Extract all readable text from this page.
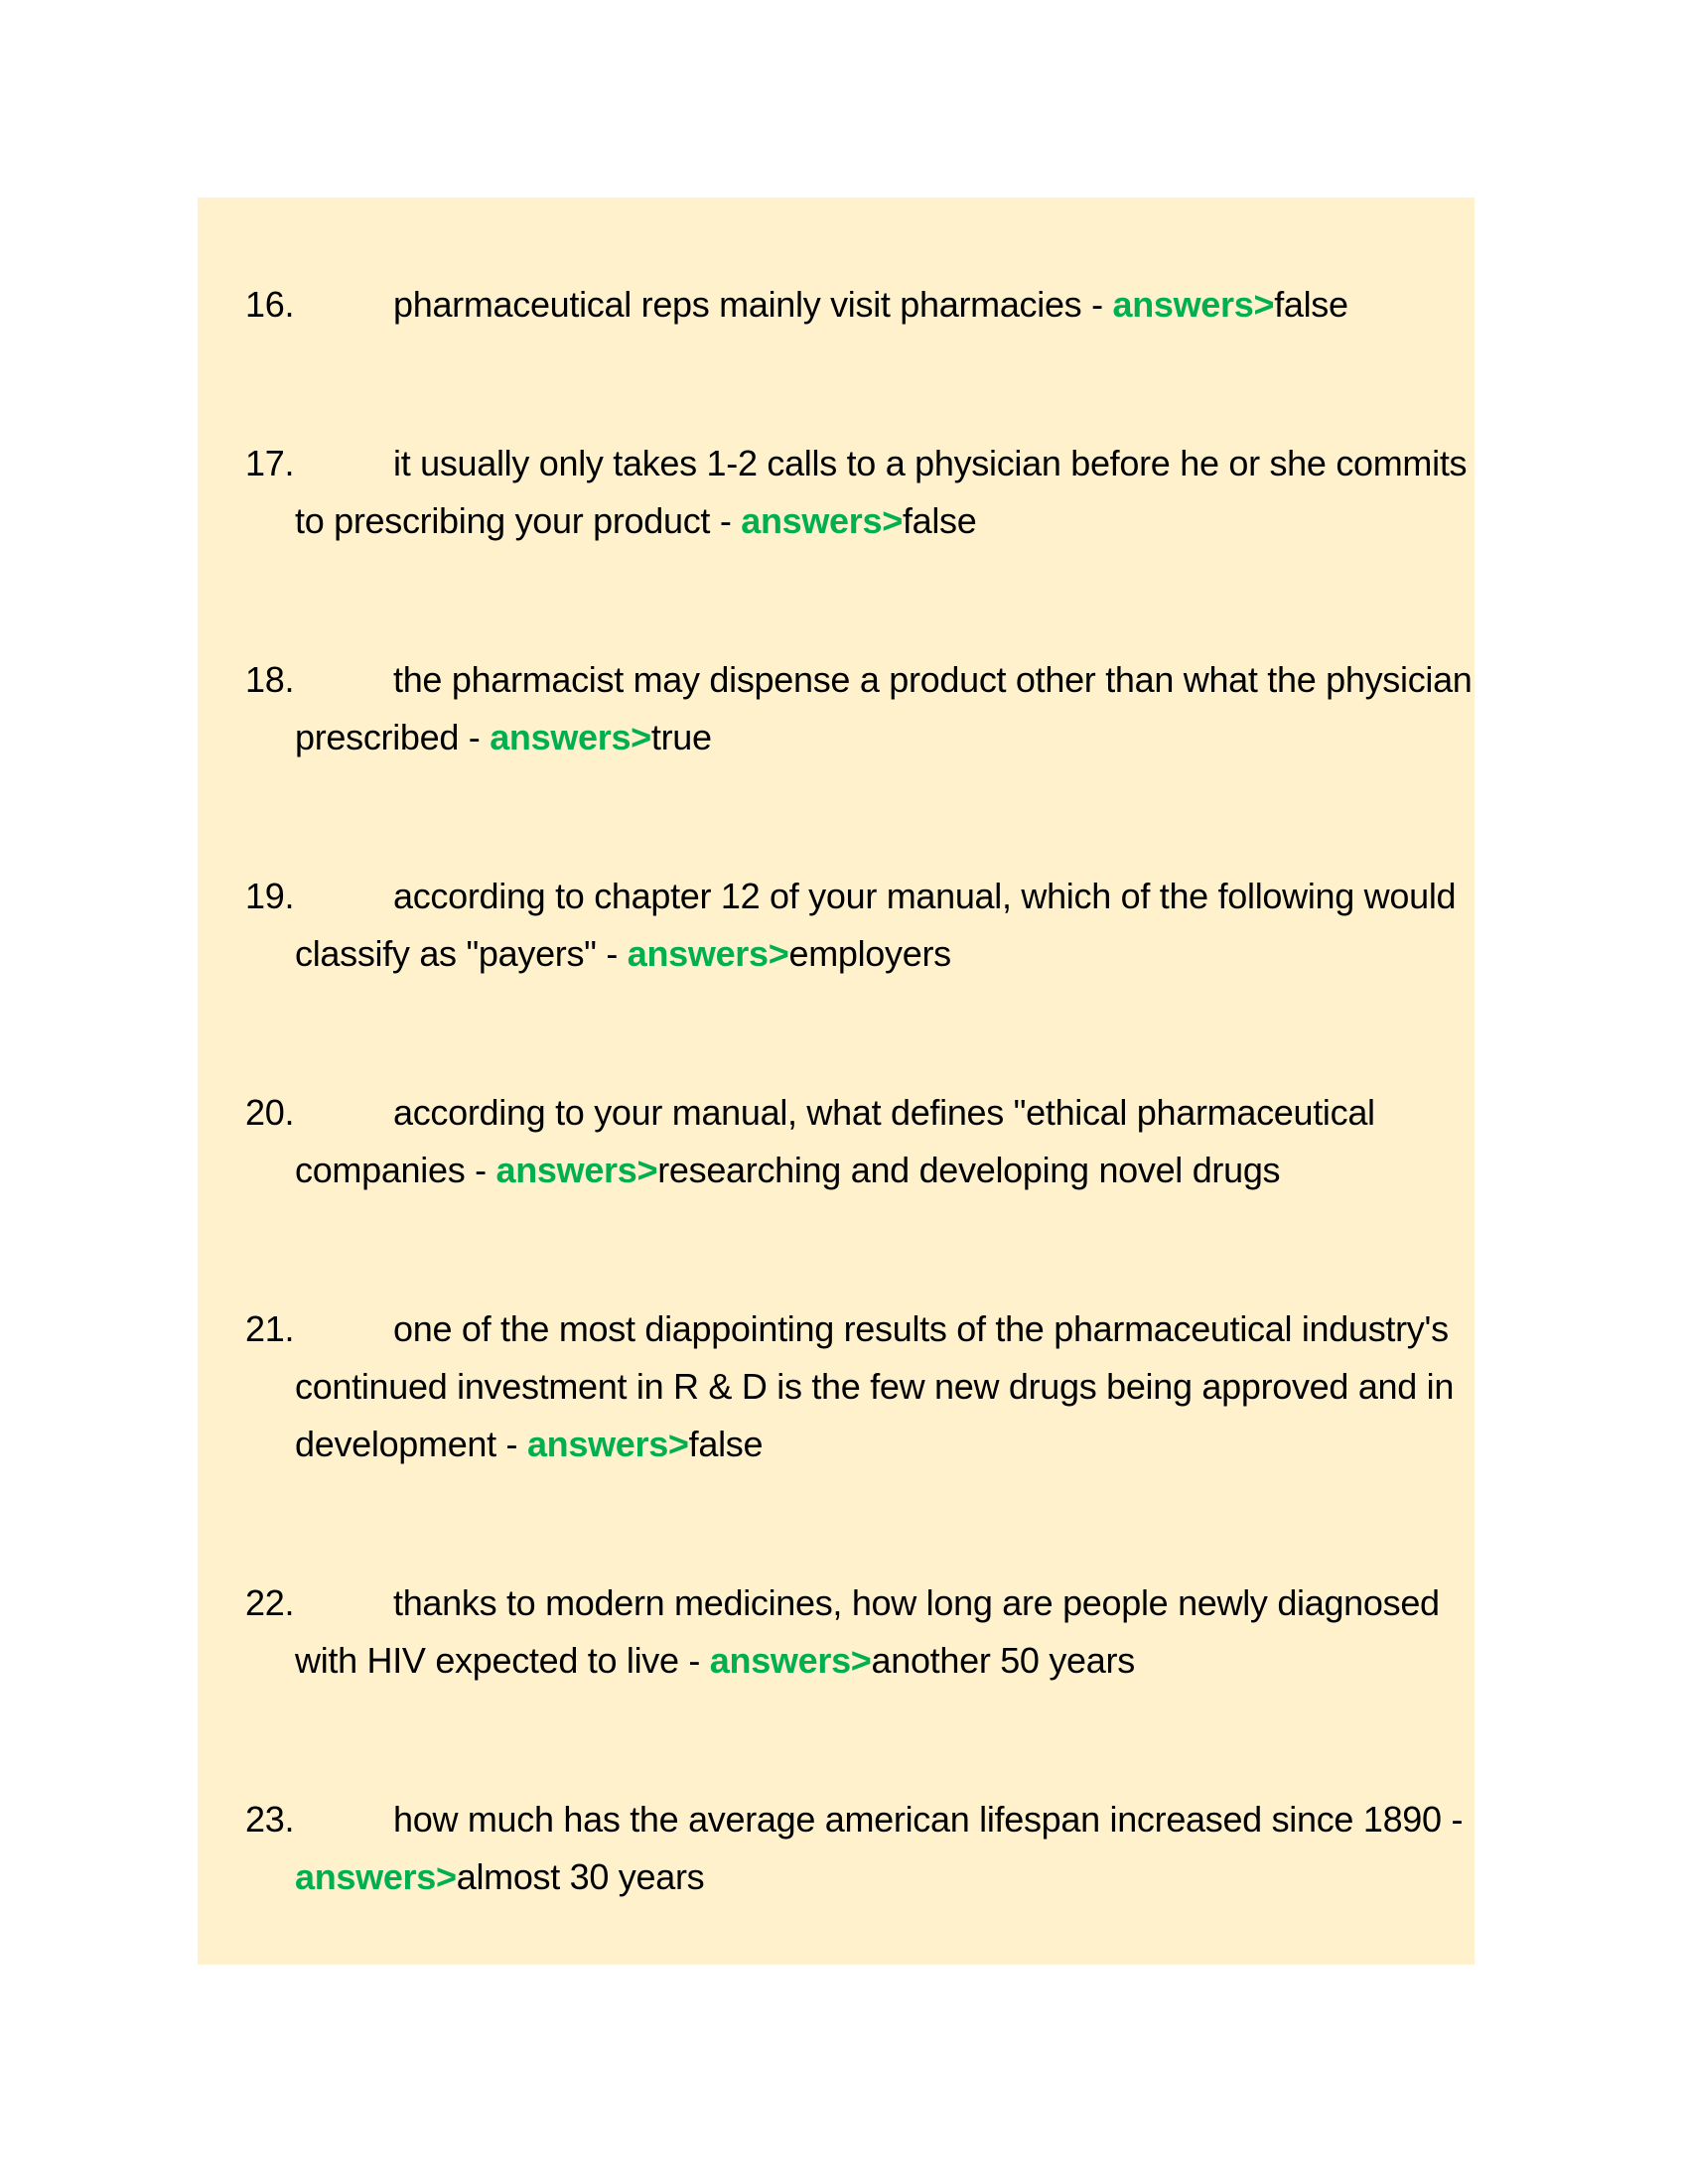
16.	pharmaceutical reps mainly visit pharmacies - answers>false
17.	it usually only takes 1-2 calls to a physician before he or she commits to prescribing your product - answers>false
18.	the pharmacist may dispense a product other than what the physician prescribed - answers>true
19.	according to chapter 12 of your manual, which of the following would classify as "payers" - answers>employers
20.	according to your manual, what defines "ethical pharmaceutical companies - answers>researching and developing novel drugs
21.	one of the most diappointing results of the pharmaceutical industry's continued investment in R & D is the few new drugs being approved and in development - answers>false
22.	thanks to modern medicines, how long are people newly diagnosed with HIV expected to live - answers>another 50 years
23.	how much has the average american lifespan increased since 1890 - answers>almost 30 years
